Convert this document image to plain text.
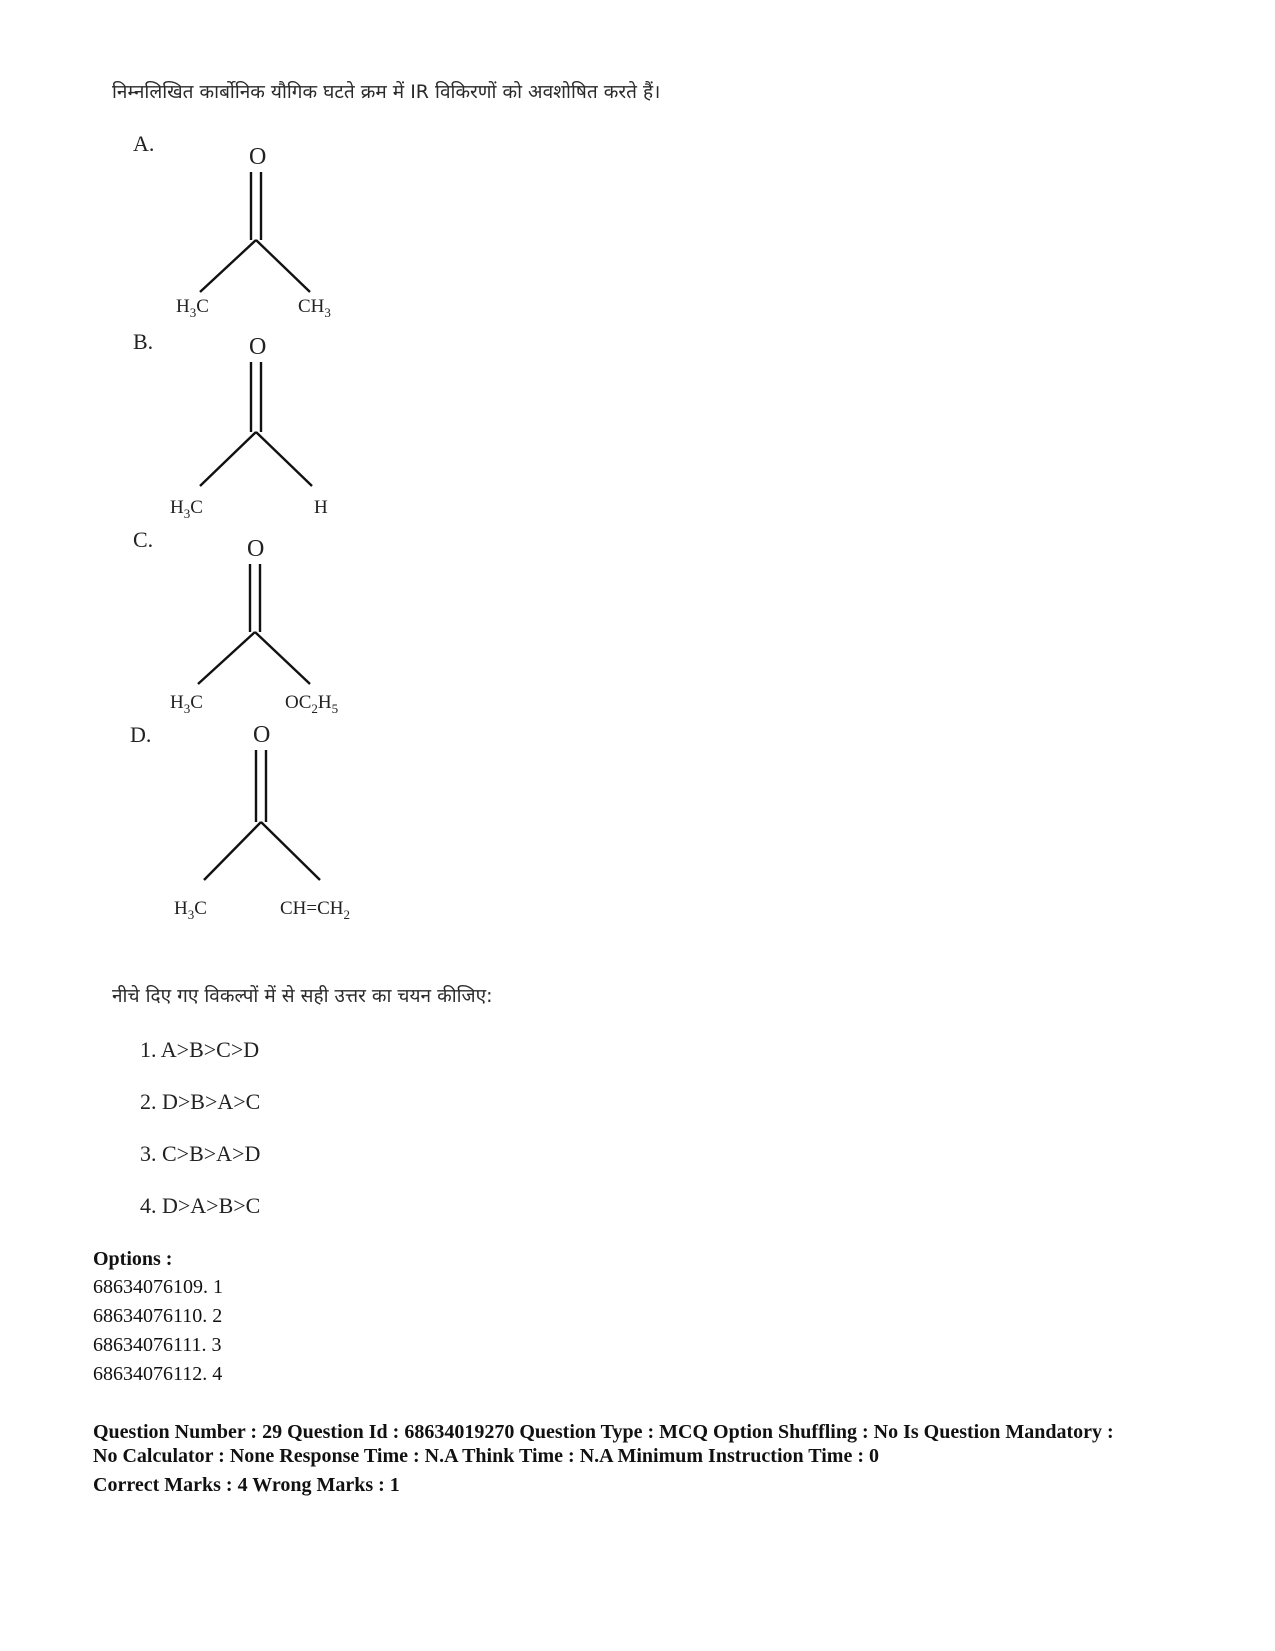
निम्नलिखित कार्बोनिक यौगिक घटते क्रम में IR विकिरणों को अवशोषित करते हैं।
A.
O
$H_3C$	$CH_3$
B.	O
$H_3C$	H
C.	O
$H_3C$	$OC_2H_5$
D.	O
$H_3C$	$CH=CH_2$
नीचे दिए गए विकल्पों में से सही उत्तर का चयन कीजिए:
1. A>B>C>D
2. D>B>A>C
3. C>B>A>D
4. D>A>B>C
Options :
68634076109. 1
68634076110. 2
68634076111. 3
68634076112. 4
Question Number : 29 Question Id : 68634019270 Question Type : MCQ Option Shuffling : No Is Question Mandatory :
No Calculator : None Response Time : N.A Think Time : N.A Minimum Instruction Time : 0
Correct Marks : 4 Wrong Marks : 1
